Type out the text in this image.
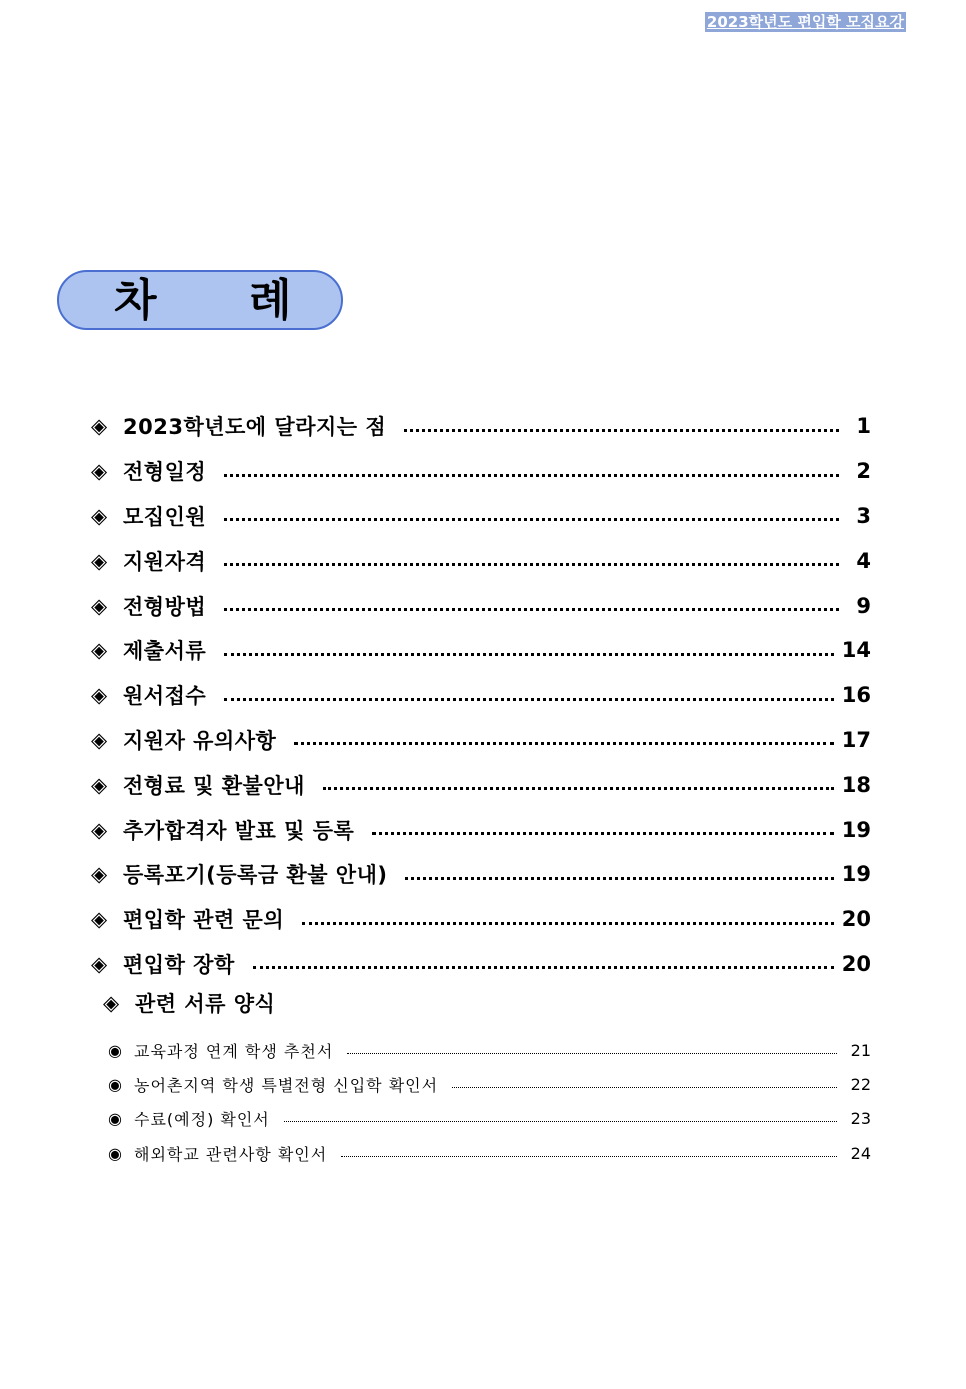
2023학년도 편입학 모집요강
차 례
◈ 2023학년도에 달라지는 점	1
◈ 전형일정	2
◈ 모집인원	3
◈ 지원자격	4
◈ 전형방법	9
◈ 제출서류	14
◈ 원서접수	16
◈ 지원자 유의사항	17
◈ 전형료 및 환불안내	18
◈ 추가합격자 발표 및 등록	19
◈ 등록포기(등록금 환불 안내)	19
◈ 편입학 관련 문의	20
◈ 편입학 장학	20
◈ 관련 서류 양식
◉ 교육과정 연계 학생 추천서	21
◉ 농어촌지역 학생 특별전형 신입학 확인서	22
◉ 수료(예정) 확인서	23
◉ 해외학교 관련사항 확인서	24
